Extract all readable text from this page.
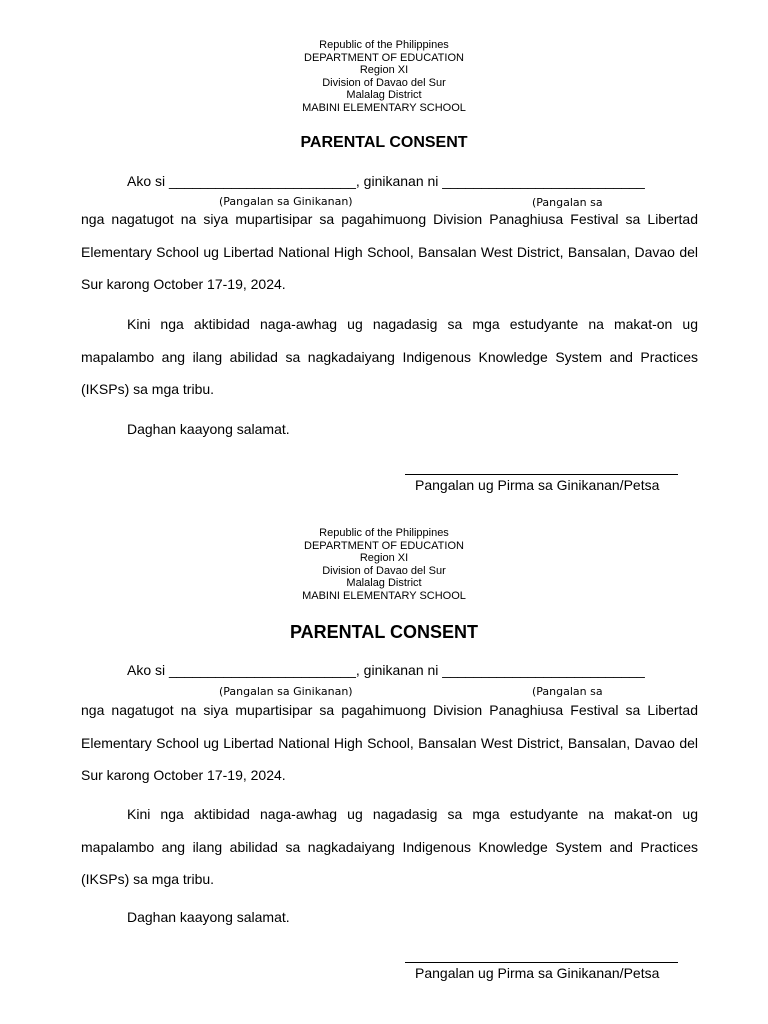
Republic of the Philippines
DEPARTMENT OF EDUCATION
Region XI
Division of Davao del Sur
Malalag District
MABINI ELEMENTARY SCHOOL
PARENTAL CONSENT
Ako si ________________________, ginikanan ni __________________________
(Pangalan sa Ginikanan)	(Pangalan sa
nga nagatugot na siya mupartisipar sa pagahimuong Division Panaghiusa Festival sa Libertad Elementary School ug Libertad National High School, Bansalan West District, Bansalan, Davao del Sur karong October 17-19, 2024.
Kini nga aktibidad naga-awhag ug nagadasig sa mga estudyante na makat-on ug mapalambo ang ilang abilidad sa nagkadaiyang Indigenous Knowledge System and Practices (IKSPs) sa mga tribu.
Daghan kaayong salamat.
Pangalan ug Pirma sa Ginikanan/Petsa
Republic of the Philippines
DEPARTMENT OF EDUCATION
Region XI
Division of Davao del Sur
Malalag District
MABINI ELEMENTARY SCHOOL
PARENTAL CONSENT
Ako si ________________________, ginikanan ni __________________________
(Pangalan sa Ginikanan)	(Pangalan sa
nga nagatugot na siya mupartisipar sa pagahimuong Division Panaghiusa Festival sa Libertad Elementary School ug Libertad National High School, Bansalan West District, Bansalan, Davao del Sur karong October 17-19, 2024.
Kini nga aktibidad naga-awhag ug nagadasig sa mga estudyante na makat-on ug mapalambo ang ilang abilidad sa nagkadaiyang Indigenous Knowledge System and Practices (IKSPs) sa mga tribu.
Daghan kaayong salamat.
Pangalan ug Pirma sa Ginikanan/Petsa
